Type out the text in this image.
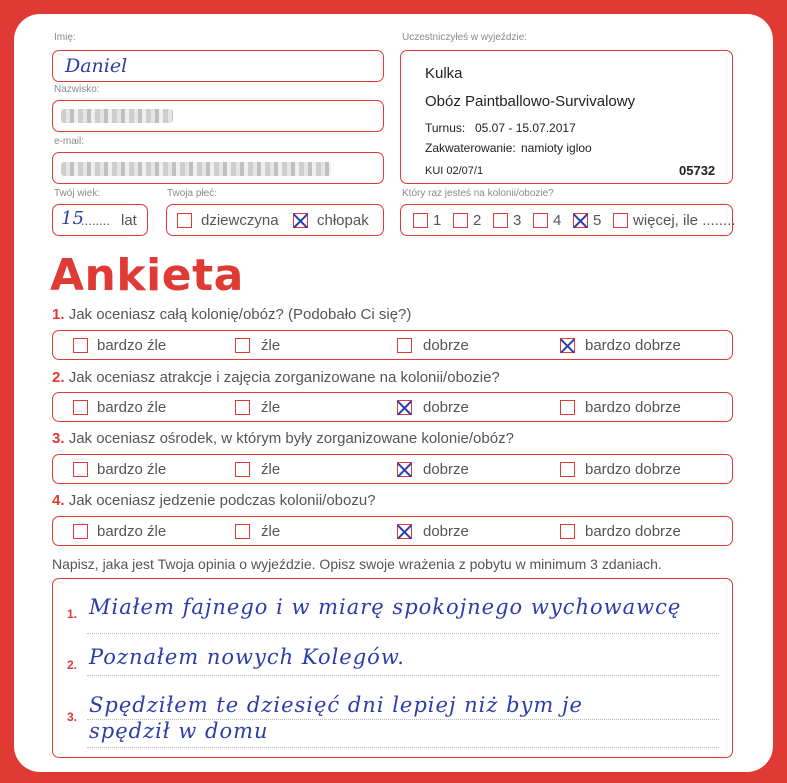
Imię:
Daniel
Nazwisko:
e-mail:
Twój wiek:
15
........ lat
Twoja płeć:
dziewczyna	chłopak
Uczestniczyłeś w wyjeździe:
Kulka
Obóz Paintballowo-Survivalowy
Turnus: 05.07 - 15.07.2017
Zakwaterowanie: namioty igloo
KUI 02/07/1	05732
Który raz jesteś na kolonii/obozie?
1 2 3 4 5 więcej, ile ........
Ankieta
1. Jak oceniasz całą kolonię/obóz? (Podobało Ci się?)
bardzo źle	źle	dobrze	bardzo dobrze
2. Jak oceniasz atrakcje i zajęcia zorganizowane na kolonii/obozie?
bardzo źle	źle	dobrze	bardzo dobrze
3. Jak oceniasz ośrodek, w którym były zorganizowane kolonie/obóz?
bardzo źle	źle	dobrze	bardzo dobrze
4. Jak oceniasz jedzenie podczas kolonii/obozu?
bardzo źle	źle	dobrze	bardzo dobrze
Napisz, jaka jest Twoja opinia o wyjeździe. Opisz swoje wrażenia z pobytu w minimum 3 zdaniach.
1. Miałem fajnego i w miarę spokojnego wychowawcę
2. Poznałem nowych Kolegów.
3. Spędziłem te dziesięć dni lepiej niż bym je
spędził w domu
